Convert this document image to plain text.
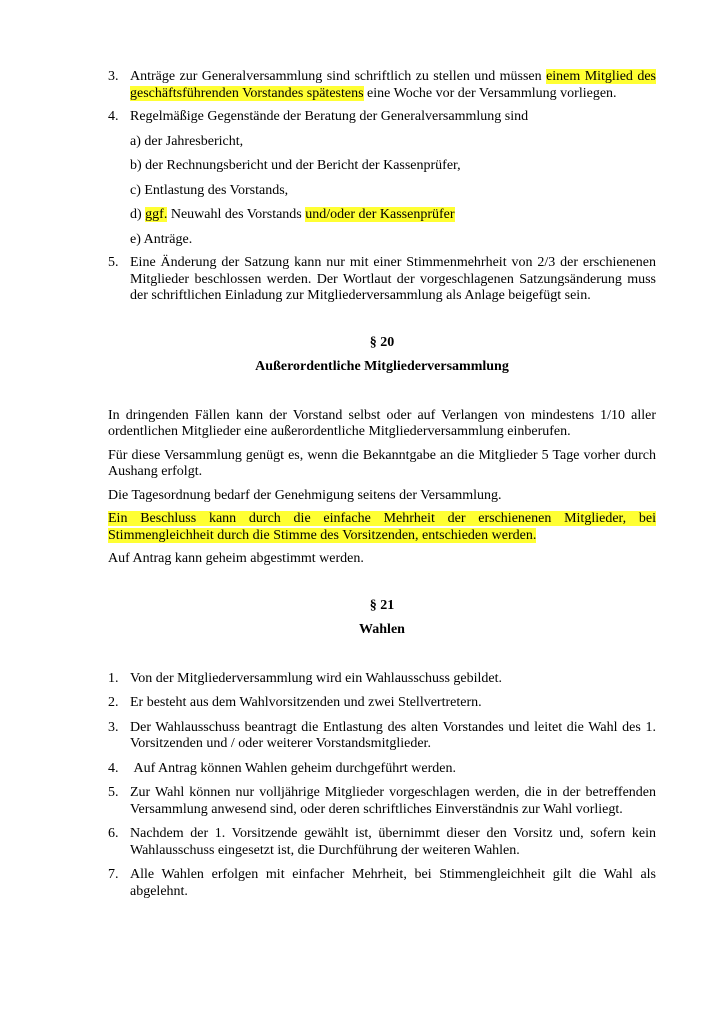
3. Anträge zur Generalversammlung sind schriftlich zu stellen und müssen einem Mitglied des geschäftsführenden Vorstandes spätestens eine Woche vor der Versammlung vorliegen.
4. Regelmäßige Gegenstände der Beratung der Generalversammlung sind
a) der Jahresbericht,
b) der Rechnungsbericht und der Bericht der Kassenprüfer,
c) Entlastung des Vorstands,
d) ggf. Neuwahl des Vorstands und/oder der Kassenprüfer
e) Anträge.
5. Eine Änderung der Satzung kann nur mit einer Stimmenmehrheit von 2/3 der erschienenen Mitglieder beschlossen werden. Der Wortlaut der vorgeschlagenen Satzungsänderung muss der schriftlichen Einladung zur Mitgliederversammlung als Anlage beigefügt sein.
§ 20
Außerordentliche Mitgliederversammlung
In dringenden Fällen kann der Vorstand selbst oder auf Verlangen von mindestens 1/10 aller ordentlichen Mitglieder eine außerordentliche Mitgliederversammlung einberufen.
Für diese Versammlung genügt es, wenn die Bekanntgabe an die Mitglieder 5 Tage vorher durch Aushang erfolgt.
Die Tagesordnung bedarf der Genehmigung seitens der Versammlung.
Ein Beschluss kann durch die einfache Mehrheit der erschienenen Mitglieder, bei Stimmengleichheit durch die Stimme des Vorsitzenden, entschieden werden.
Auf Antrag kann geheim abgestimmt werden.
§ 21
Wahlen
1. Von der Mitgliederversammlung wird ein Wahlausschuss gebildet.
2. Er besteht aus dem Wahlvorsitzenden und zwei Stellvertretern.
3. Der Wahlausschuss beantragt die Entlastung des alten Vorstandes und leitet die Wahl des 1. Vorsitzenden und / oder weiterer Vorstandsmitglieder.
4. Auf Antrag können Wahlen geheim durchgeführt werden.
5. Zur Wahl können nur volljährige Mitglieder vorgeschlagen werden, die in der betreffenden Versammlung anwesend sind, oder deren schriftliches Einverständnis zur Wahl vorliegt.
6. Nachdem der 1. Vorsitzende gewählt ist, übernimmt dieser den Vorsitz und, sofern kein Wahlausschuss eingesetzt ist, die Durchführung der weiteren Wahlen.
7. Alle Wahlen erfolgen mit einfacher Mehrheit, bei Stimmengleichheit gilt die Wahl als abgelehnt.
